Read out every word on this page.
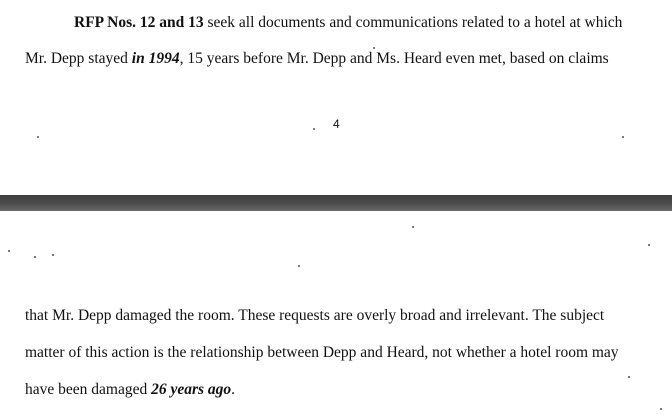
RFP Nos. 12 and 13 seek all documents and communications related to a hotel at which
Mr. Depp stayed in 1994, 15 years before Mr. Depp and Ms. Heard even met, based on claims
4
that Mr. Depp damaged the room. These requests are overly broad and irrelevant. The subject
matter of this action is the relationship between Depp and Heard, not whether a hotel room may
have been damaged 26 years ago.
